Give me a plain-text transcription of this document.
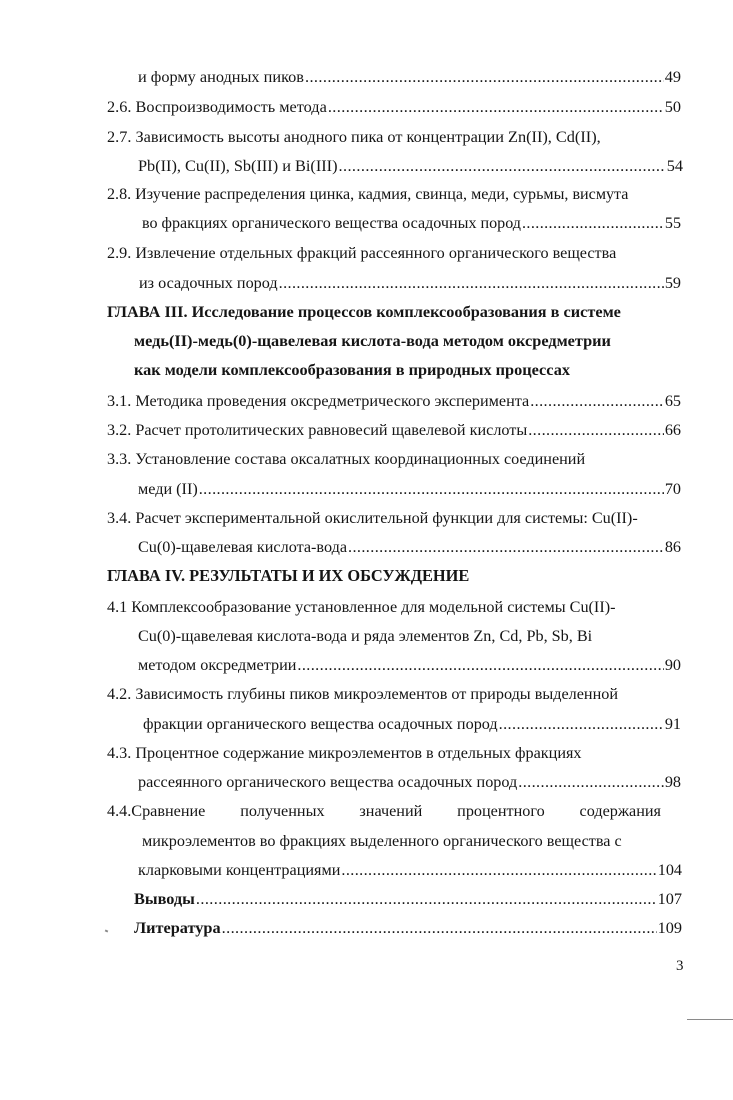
и форму анодных пиков .....	49
2.6. Воспроизводимость метода .....	50
2.7. Зависимость высоты анодного пика от концентрации Zn(II), Cd(II),
Pb(II), Cu(II), Sb(III) и Bi(III) .....	54
2.8. Изучение распределения цинка, кадмия, свинца, меди, сурьмы, висмута
во фракциях органического вещества осадочных пород .....	55
2.9. Извлечение отдельных фракций рассеянного органического вещества
из осадочных пород .....	59
ГЛАВА III. Исследование процессов комплексообразования в системе
медь(II)-медь(0)-щавелевая кислота-вода методом оксредметрии
как модели комплексообразования в природных процессах
3.1. Методика проведения оксредметрического эксперимента .....	65
3.2. Расчет протолитических равновесий щавелевой кислоты .....	66
3.3. Установление состава оксалатных координационных соединений
меди (II) .....	70
3.4. Расчет экспериментальной окислительной функции для системы: Cu(II)-
Cu(0)-щавелевая кислота-вода .....	86
ГЛАВА IV. РЕЗУЛЬТАТЫ И ИХ ОБСУЖДЕНИЕ
4.1 Комплексообразование установленное для модельной системы Cu(II)-
Cu(0)-щавелевая кислота-вода и ряда элементов Zn, Cd, Pb, Sb, Bi
методом оксредметрии .....	90
4.2. Зависимость глубины пиков микроэлементов от природы выделенной
фракции органического вещества осадочных пород .....	91
4.3. Процентное содержание микроэлементов в отдельных фракциях
рассеянного органического вещества осадочных пород .....	98
4.4.Сравнение полученных значений процентного содержания
микроэлементов во фракциях выделенного органического вещества с
кларковыми концентрациями .....	104
Выводы .....	107
Литература .....	109
3
